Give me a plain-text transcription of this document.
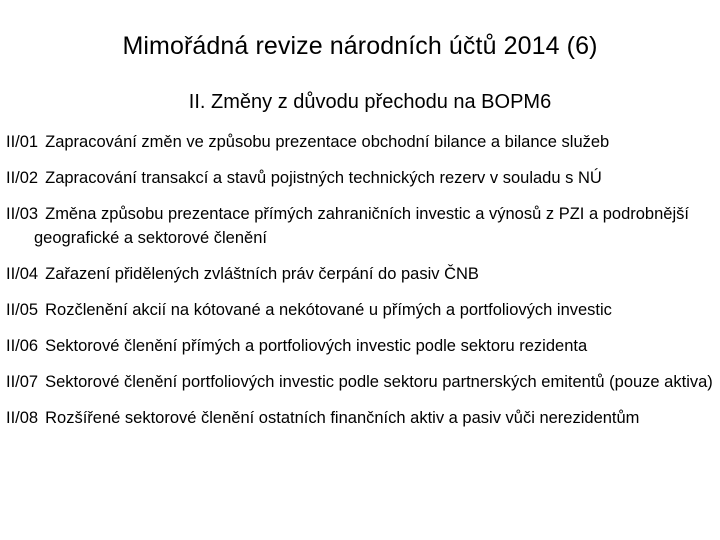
Mimořádná revize národních účtů 2014 (6)
II. Změny z důvodu přechodu na BOPM6
II/01 Zapracování změn ve způsobu prezentace obchodní bilance a bilance služeb
II/02 Zapracování transakcí a stavů pojistných technických rezerv v souladu s NÚ
II/03 Změna způsobu prezentace přímých zahraničních investic a výnosů z PZI a podrobnější geografické a sektorové členění
II/04 Zařazení přidělených zvláštních práv čerpání do pasiv ČNB
II/05 Rozčlenění akcií na kótované a nekótované u přímých a portfoliových investic
II/06 Sektorové členění přímých a portfoliových investic podle sektoru rezidenta
II/07 Sektorové členění portfoliových investic podle sektoru partnerských emitentů (pouze aktiva)
II/08 Rozšířené sektorové členění ostatních finančních aktiv a pasiv vůči nerezidentům
